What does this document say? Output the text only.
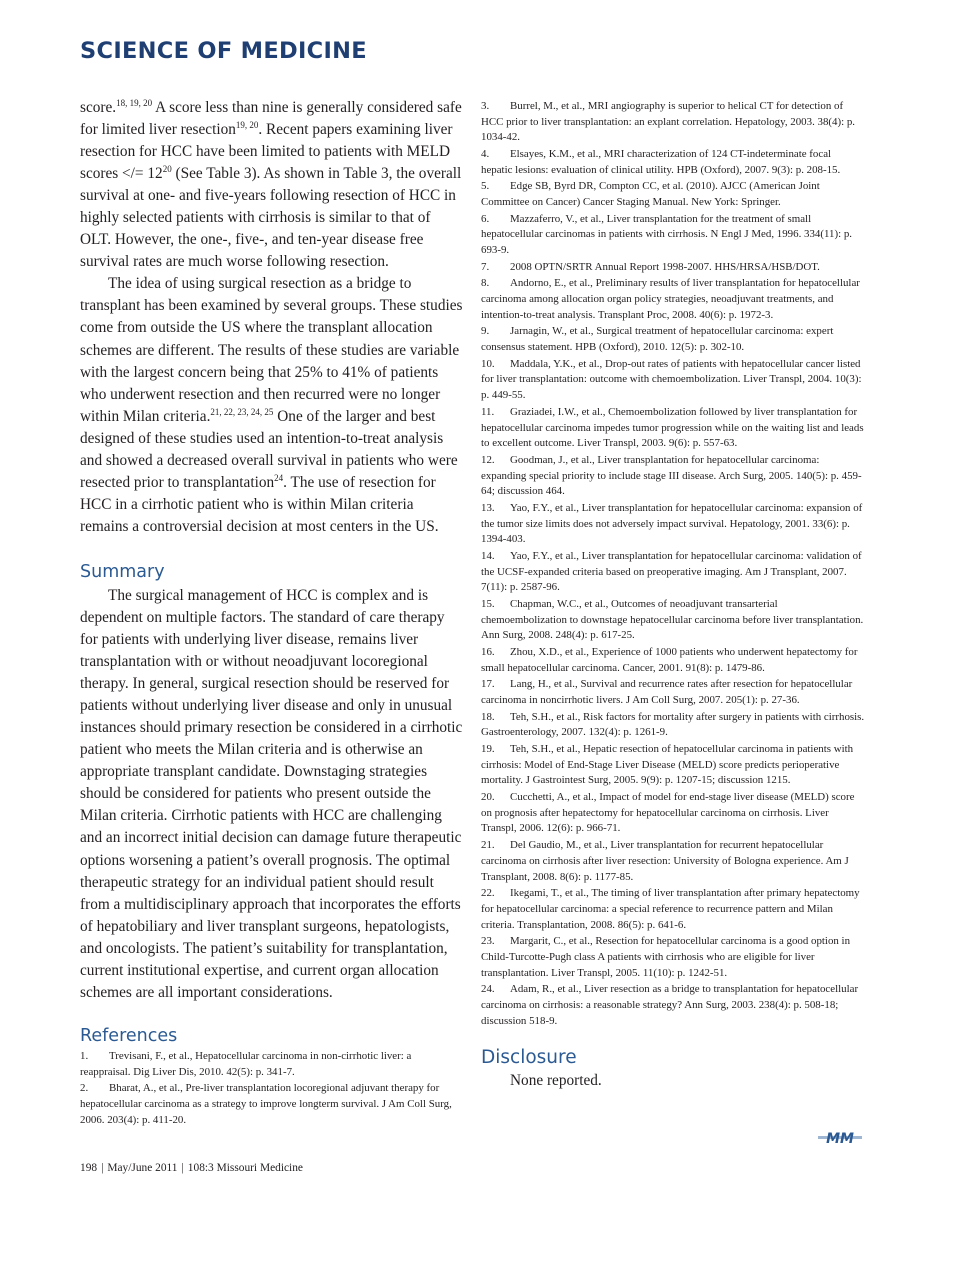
SCIENCE OF MEDICINE

score.$^{18, 19, 20}$ A score less than nine is generally considered safe for limited liver resection$^{19, 20}$. Recent papers examining liver resection for HCC have been limited to patients with MELD scores </= $12^{20}$ (See Table 3). As shown in Table 3, the overall survival at one- and five-years following resection of HCC in highly selected patients with cirrhosis is similar to that of OLT. However, the one-, five-, and ten-year disease free survival rates are much worse following resection.

The idea of using surgical resection as a bridge to transplant has been examined by several groups. These studies come from outside the US where the transplant allocation schemes are different. The results of these studies are variable with the largest concern being that 25% to 41% of patients who underwent resection and then recurred were no longer within Milan criteria.$^{21, 22, 23, 24, 25}$ One of the larger and best designed of these studies used an intention-to-treat analysis and showed a decreased overall survival in patients who were resected prior to transplantation$^{24}$. The use of resection for HCC in a cirrhotic patient who is within Milan criteria remains a controversial decision at most centers in the US.

Summary

The surgical management of HCC is complex and is dependent on multiple factors. The standard of care therapy for patients with underlying liver disease, remains liver transplantation with or without neoadjuvant locoregional therapy. In general, surgical resection should be reserved for patients without underlying liver disease and only in unusual instances should primary resection be considered in a cirrhotic patient who meets the Milan criteria and is otherwise an appropriate transplant candidate. Downstaging strategies should be considered for patients who present outside the Milan criteria. Cirrhotic patients with HCC are challenging and an incorrect initial decision can damage future therapeutic options worsening a patient’s overall prognosis. The optimal therapeutic strategy for an individual patient should result from a multidisciplinary approach that incorporates the efforts of hepatobiliary and liver transplant surgeons, hepatologists, and oncologists. The patient’s suitability for transplantation, current institutional expertise, and current organ allocation schemes are all important considerations.

References
1. Trevisani, F., et al., Hepatocellular carcinoma in non-cirrhotic liver: a reappraisal. Dig Liver Dis, 2010. 42(5): p. 341-7.
2. Bharat, A., et al., Pre-liver transplantation locoregional adjuvant therapy for hepatocellular carcinoma as a strategy to improve longterm survival. J Am Coll Surg, 2006. 203(4): p. 411-20.
3. Burrel, M., et al., MRI angiography is superior to helical CT for detection of HCC prior to liver transplantation: an explant correlation. Hepatology, 2003. 38(4): p. 1034-42.
4. Elsayes, K.M., et al., MRI characterization of 124 CT-indeterminate focal hepatic lesions: evaluation of clinical utility. HPB (Oxford), 2007. 9(3): p. 208-15.
5. Edge SB, Byrd DR, Compton CC, et al. (2010). AJCC (American Joint Committee on Cancer) Cancer Staging Manual. New York: Springer.
6. Mazzaferro, V., et al., Liver transplantation for the treatment of small hepatocellular carcinomas in patients with cirrhosis. N Engl J Med, 1996. 334(11): p. 693-9.
7. 2008 OPTN/SRTR Annual Report 1998-2007. HHS/HRSA/HSB/DOT.
8. Andorno, E., et al., Preliminary results of liver transplantation for hepatocellular carcinoma among allocation organ policy strategies, neoadjuvant treatments, and intention-to-treat analysis. Transplant Proc, 2008. 40(6): p. 1972-3.
9. Jarnagin, W., et al., Surgical treatment of hepatocellular carcinoma: expert consensus statement. HPB (Oxford), 2010. 12(5): p. 302-10.
10. Maddala, Y.K., et al., Drop-out rates of patients with hepatocellular cancer listed for liver transplantation: outcome with chemoembolization. Liver Transpl, 2004. 10(3): p. 449-55.
11. Graziadei, I.W., et al., Chemoembolization followed by liver transplantation for hepatocellular carcinoma impedes tumor progression while on the waiting list and leads to excellent outcome. Liver Transpl, 2003. 9(6): p. 557-63.
12. Goodman, J., et al., Liver transplantation for hepatocellular carcinoma: expanding special priority to include stage III disease. Arch Surg, 2005. 140(5): p. 459-64; discussion 464.
13. Yao, F.Y., et al., Liver transplantation for hepatocellular carcinoma: expansion of the tumor size limits does not adversely impact survival. Hepatology, 2001. 33(6): p. 1394-403.
14. Yao, F.Y., et al., Liver transplantation for hepatocellular carcinoma: validation of the UCSF-expanded criteria based on preoperative imaging. Am J Transplant, 2007. 7(11): p. 2587-96.
15. Chapman, W.C., et al., Outcomes of neoadjuvant transarterial chemoembolization to downstage hepatocellular carcinoma before liver transplantation. Ann Surg, 2008. 248(4): p. 617-25.
16. Zhou, X.D., et al., Experience of 1000 patients who underwent hepatectomy for small hepatocellular carcinoma. Cancer, 2001. 91(8): p. 1479-86.
17. Lang, H., et al., Survival and recurrence rates after resection for hepatocellular carcinoma in noncirrhotic livers. J Am Coll Surg, 2007. 205(1): p. 27-36.
18. Teh, S.H., et al., Risk factors for mortality after surgery in patients with cirrhosis. Gastroenterology, 2007. 132(4): p. 1261-9.
19. Teh, S.H., et al., Hepatic resection of hepatocellular carcinoma in patients with cirrhosis: Model of End-Stage Liver Disease (MELD) score predicts perioperative mortality. J Gastrointest Surg, 2005. 9(9): p. 1207-15; discussion 1215.
20. Cucchetti, A., et al., Impact of model for end-stage liver disease (MELD) score on prognosis after hepatectomy for hepatocellular carcinoma on cirrhosis. Liver Transpl, 2006. 12(6): p. 966-71.
21. Del Gaudio, M., et al., Liver transplantation for recurrent hepatocellular carcinoma on cirrhosis after liver resection: University of Bologna experience. Am J Transplant, 2008. 8(6): p. 1177-85.
22. Ikegami, T., et al., The timing of liver transplantation after primary hepatectomy for hepatocellular carcinoma: a special reference to recurrence pattern and Milan criteria. Transplantation, 2008. 86(5): p. 641-6.
23. Margarit, C., et al., Resection for hepatocellular carcinoma is a good option in Child-Turcotte-Pugh class A patients with cirrhosis who are eligible for liver transplantation. Liver Transpl, 2005. 11(10): p. 1242-51.
24. Adam, R., et al., Liver resection as a bridge to transplantation for hepatocellular carcinoma on cirrhosis: a reasonable strategy? Ann Surg, 2003. 238(4): p. 508-18; discussion 518-9.
Disclosure

None reported.

MM
198 | May/June 2011 | 108:3 Missouri Medicine
